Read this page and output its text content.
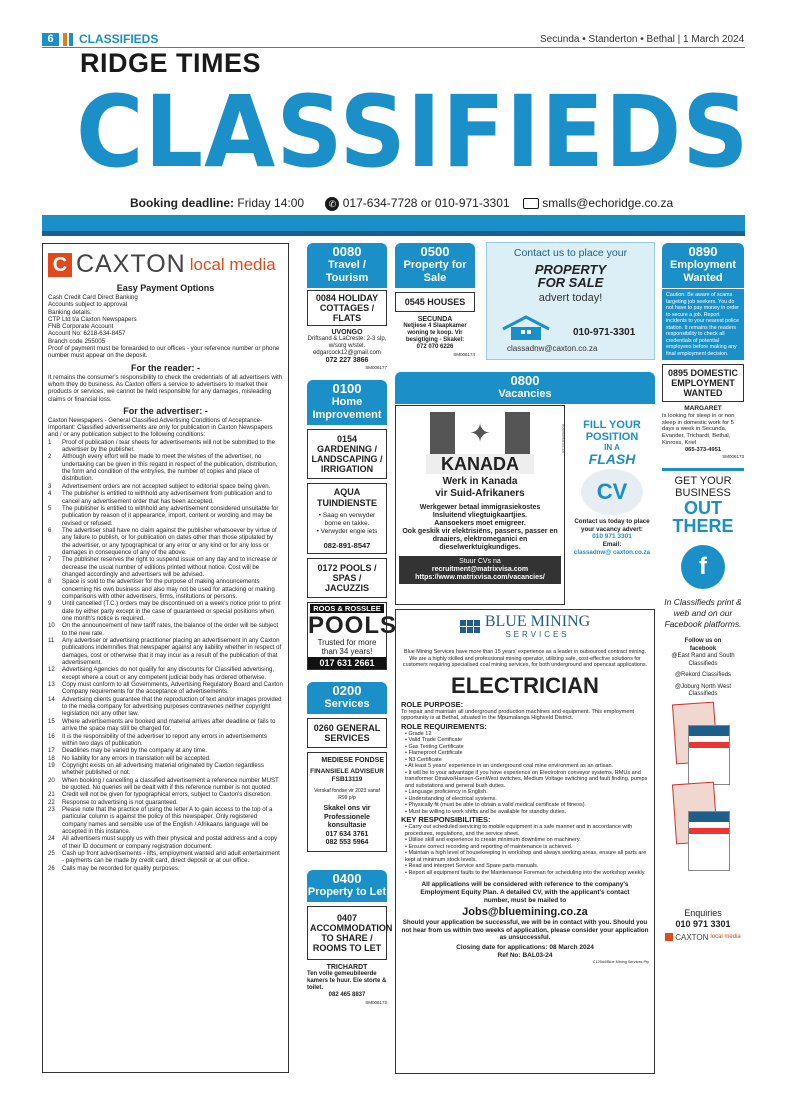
6	CLASSIFIEDS	Secunda • Standerton • Bethal | 1 March 2024
RIDGE TIMES
CLASSIFIEDS
Booking deadline: Friday 14:00	✆ 017-634-7728 or 010-971-3301	smalls@echoridge.co.za
C CAXTON local media
Easy Payment Options
Cash Credit Card Direct Banking
Accounts subject to approval
Banking details:
CTP Ltd t/a Caxton Newspapers
FNB Corporate Account
Account No: 6218-634-8457
Branch code 255005
Proof of payment must be forwarded to our offices - your reference number or phone number must appear on the deposit.
For the reader: -
It remains the consumer's responsibility to check the credentials of all advertisers with whom they do business. As Caxton offers a service to advertisers to market their products or services, we cannot be held responsible for any damages, misleading claims or financial loss.
For the advertiser: -
Caxton Newspapers - General Classified Advertising Conditions of Acceptance- Important: Classified advertisements are only for publication in Caxton Newspapers and / or any publication subject to the following conditions:
1	Proof of publication / tear sheets for advertisements will not be submitted to the advertiser by the publisher.
2	Although every effort will be made to meet the wishes of the advertiser, no undertaking can be given in this regard in respect of the publication, distribution, the form and condition of the entry/ies, the number of copies and place of distribution.
3	Advertisement orders are not accepted subject to editorial space being given.
4	The publisher is entitled to withhold any advertisement from publication and to cancel any advertisement order that has been accepted.
5	The publisher is entitled to withhold any advertisement considered unsuitable for publication by reason of it appearance, import, content or wording and may be revised or refused.
6	The advertiser shall have no claim against the publisher whatsoever by virtue of any failure to publish, or for publication on dates other than those stipulated by the advertiser, or any typographical or any error or any kind or for any loss or damages in consequence of any of the above.
7	The publisher reserves the right to suspend issue on any day and to increase or decrease the usual number of editions printed without notice. Cost will be changed accordingly and advertisers will be advised.
8	Space is sold to the advertiser for the purpose of making announcements concerning his own business and also may not be used for attacking or making comparisons with other advertisers, firms, institutions or persons.
9	Until cancelled (T.C.) orders may be discontinued on a week's notice prior to print date by either party except in the case of guaranteed or special positions when one month's notice is required.
10	On the announcement of new tariff rates, the balance of the order will be subject to the new rate.
11	Any advertiser or advertising practitioner placing an advertisement in any Caxton publications indemnifies that newspaper against any liability whether in respect of damages, cost or otherwise that it may incur as a result of the publication of that advertisement.
12	Advertising Agencies do not qualify for any discounts for Classified advertising, except where a court or any competent judicial body has ordered otherwise.
13	Copy must conform to all Governments, Advertising Regulatory Board and Caxton Company requirements for the acceptance of advertisements.
14	Advertising clients guarantee that the reproduction of text and/or images provided to the media company for advertising purposes contravenes neither copyright legislation nor any other law.
15	Where advertisements are booked and material arrives after deadline or fails to arrive the space may still be charged for.
16	It is the responsibility of the advertiser to report any errors in advertisements within two days of publication.
17	Deadlines may be varied by the company at any time.
18	No liability for any errors in translation will be accepted.
19	Copyright exists on all advertising material originated by Caxton regardless whether published or not.
20	When booking / cancelling a classified advertisement a reference number MUST be quoted. No queries will be dealt with if this reference number is not quoted.
21	Credit will not be given for typographical errors, subject to Caxton's discretion.
22	Response to advertising is not guaranteed.
23	Please note that the practice of using the letter A to gain access to the top of a particular column is against the policy of this newspaper. Only registered company names and sensible use of the English / Afrikaans language will be accepted in this instance.
24	All advertisers must supply us with their physical and postal address and a copy of their ID document or company registration document.
25	Cash up front advertisements - lifts, employment wanted and adult entertainment - payments can be made by credit card, direct deposit or at our office.
26	Calls may be recorded for quality purposes.
0080
Travel / Tourism
0084 HOLIDAY COTTAGES / FLATS
UVONGO
Driftsand & LaCreste: 2-3 slp, w/sorg w/stel. edgarcock12@gmail.com
072 227 3866
SM006177
0100
Home Improvement
0154 GARDENING / LANDSCAPING / IRRIGATION
AQUA TUINDIENSTE
• Saag en verwyder borne en takke.
• Verwyder engie iets
082-891-8547
0172 POOLS / SPAS / JACUZZIS
ROOS & ROSSLEE
POOLS
Trusted for more than 34 years!
017 631 2661
0200
Services
0260 GENERAL SERVICES
MEDIESE FONDSE
FINANSIELE ADVISEUR
FSB13119
Verskaf fondse vir 2023 vanaf R99 p/p
Skakel ons vir Professionele konsultasie
017 634 3761
082 553 5964
0400
Property to Let
0407 ACCOMMODATION TO SHARE / ROOMS TO LET
TRICHARDT
Ten volle gemeubileerde kamers te huur. Eie storte & toilet.
082 465 8837
SM006172
0500
Property for Sale
0545 HOUSES
SECUNDA
Netjiese 4 Slaapkamer woning te koop. Vir besigtiging - Skakel:
072 070 6226
SM006174
Contact us to place your
PROPERTY
FOR SALE
advert today!
010-971-3301
classadnw@caxton.co.za
0800
Vacancies
✦
KANADA
Werk in Kanada
vir Suid-Afrikaners
Werkgewer betaal immigrasiekostes
Insluitend vliegtuigkaartjies.
Aansoekers moet emigreer.
Ook geskik vir elektrisiëns, passers, passer en draaiers, elektromeganici en dieselwerktuigkundiges.
Stuur CVs na
recruitment@matrixvisa.com
https://www.matrixvisa.com/vacancies/
matrixvisa.co.za	FILL YOUR
POSITION
IN A
FLASH
CV
Contact us today to place your vacancy advert:
010 971 3301
Email:
classadnw@ caxton.co.za
BLUE MINING
SERVICES
Blue Mining Services have more than 15 years' experience as a leader in outsourced contract mining. We are a highly skilled and professional mining operator, utilising safe, cost-effective solutions for customers requiring specialised coal mining services, for both underground and opencast applications.
ELECTRICIAN
ROLE PURPOSE:
To repair and maintain all underground production machines and equipment. This employment opportunity is at Bethal, situated in the Mpumalanga Highveld District.
ROLE REQUIREMENTS:
• Grade 12
• Valid Trade Certificate
• Gas Testing Certificate
• Flameproof Certificate
• N3 Certificate
• At least 5 years' experience in an underground coal mine environment as an artisan.
• It will be to your advantage if you have experience on Electrotron conveyor systems, RMUs and transformer Dinaivo/Hansen-GenWest switches, Medium Voltage switching and fault finding, pumps and substations and general bush duties.
• Language proficiency in English.
• Understanding of electrical systems.
• Physically fit (must be able to obtain a valid medical certificate of fitness).
• Must be willing to work shifts and be available for standby duties.
KEY RESPONSIBILITIES:
• Carry out scheduled servicing to mobile equipment in a safe manner and in accordance with procedures, regulations, and the service sheet.
• Utilise skill and experience to create minimum downtime on machinery.
• Ensure correct recording and reporting of maintenance is achieved.
• Maintain a high level of housekeeping in workshop and always working areas, ensure all parts are kept at minimum stock levels.
• Read and interpret Service and Spare parts manuals.
• Report all equipment faults to the Maintenance Foreman for scheduling into the workshop weekly.
All applications will be considered with reference to the company's Employment Equity Plan. A detailed CV, with the applicant's contact number, must be mailed to
Jobs@bluemining.co.za
Should your application be successful, we will be in contact with you. Should you not hear from us within two weeks of application, please consider your application as unsuccessful.
Closing date for applications: 08 March 2024
Ref No: BAL03-24
C125d4/Blue Mining Services Pty
0890
Employment Wanted
Caution: Be aware of scams targeting job seekers. You do not have to pay money in order to secure a job. Report incidents to your nearest police station. It remains the readers responsibility to check all credentials of potential employees before making any final employment decision.
0895 DOMESTIC EMPLOYMENT WANTED
MARGARET
Is looking for sleep in or non sleep in domestic work for 5 days a week in Secunda, Evander, Trichardt, Bethal, Kinross, Kriel
065-373-4951
SM006173
GET YOUR
BUSINESS
OUT
THERE
f
In Classifieds print & web and on our Facebook platforms.
Follow us on facebook
@East Rand and South Classifieds
@Rekord Classifieds
@Joburg North West Classifieds
Enquiries
010 971 3301
CAXTON local media
